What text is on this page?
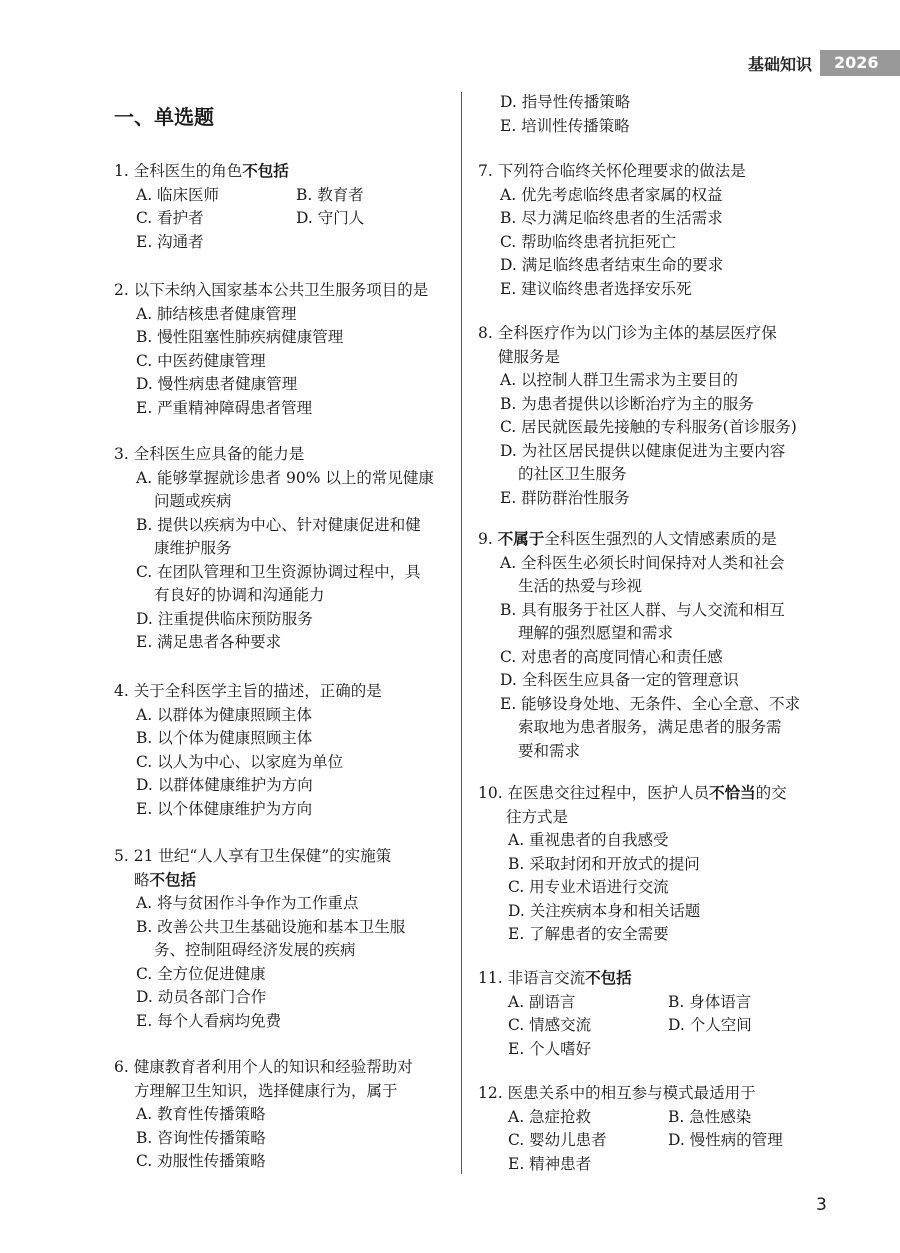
基础知识	2026
一、单选题
1. 全科医生的角色不包括
A. 临床医师	B. 教育者
C. 看护者	D. 守门人
E. 沟通者
2. 以下未纳入国家基本公共卫生服务项目的是
A. 肺结核患者健康管理
B. 慢性阻塞性肺疾病健康管理
C. 中医药健康管理
D. 慢性病患者健康管理
E. 严重精神障碍患者管理
3. 全科医生应具备的能力是
A. 能够掌握就诊患者 90% 以上的常见健康
问题或疾病
B. 提供以疾病为中心、针对健康促进和健
康维护服务
C. 在团队管理和卫生资源协调过程中，具
有良好的协调和沟通能力
D. 注重提供临床预防服务
E. 满足患者各种要求
4. 关于全科医学主旨的描述，正确的是
A. 以群体为健康照顾主体
B. 以个体为健康照顾主体
C. 以人为中心、以家庭为单位
D. 以群体健康维护为方向
E. 以个体健康维护为方向
5. 21 世纪“人人享有卫生保健”的实施策
略不包括
A. 将与贫困作斗争作为工作重点
B. 改善公共卫生基础设施和基本卫生服
务、控制阻碍经济发展的疾病
C. 全方位促进健康
D. 动员各部门合作
E. 每个人看病均免费
6. 健康教育者利用个人的知识和经验帮助对
方理解卫生知识，选择健康行为，属于
A. 教育性传播策略
B. 咨询性传播策略
C. 劝服性传播策略
D. 指导性传播策略
E. 培训性传播策略
7. 下列符合临终关怀伦理要求的做法是
A. 优先考虑临终患者家属的权益
B. 尽力满足临终患者的生活需求
C. 帮助临终患者抗拒死亡
D. 满足临终患者结束生命的要求
E. 建议临终患者选择安乐死
8. 全科医疗作为以门诊为主体的基层医疗保
健服务是
A. 以控制人群卫生需求为主要目的
B. 为患者提供以诊断治疗为主的服务
C. 居民就医最先接触的专科服务(首诊服务)
D. 为社区居民提供以健康促进为主要内容
的社区卫生服务
E. 群防群治性服务
9. 不属于全科医生强烈的人文情感素质的是
A. 全科医生必须长时间保持对人类和社会
生活的热爱与珍视
B. 具有服务于社区人群、与人交流和相互
理解的强烈愿望和需求
C. 对患者的高度同情心和责任感
D. 全科医生应具备一定的管理意识
E. 能够设身处地、无条件、全心全意、不求
索取地为患者服务，满足患者的服务需
要和需求
10. 在医患交往过程中，医护人员不恰当的交
往方式是
A. 重视患者的自我感受
B. 采取封闭和开放式的提问
C. 用专业术语进行交流
D. 关注疾病本身和相关话题
E. 了解患者的安全需要
11. 非语言交流不包括
A. 副语言	B. 身体语言
C. 情感交流	D. 个人空间
E. 个人嗜好
12. 医患关系中的相互参与模式最适用于
A. 急症抢救	B. 急性感染
C. 婴幼儿患者	D. 慢性病的管理
E. 精神患者
3
